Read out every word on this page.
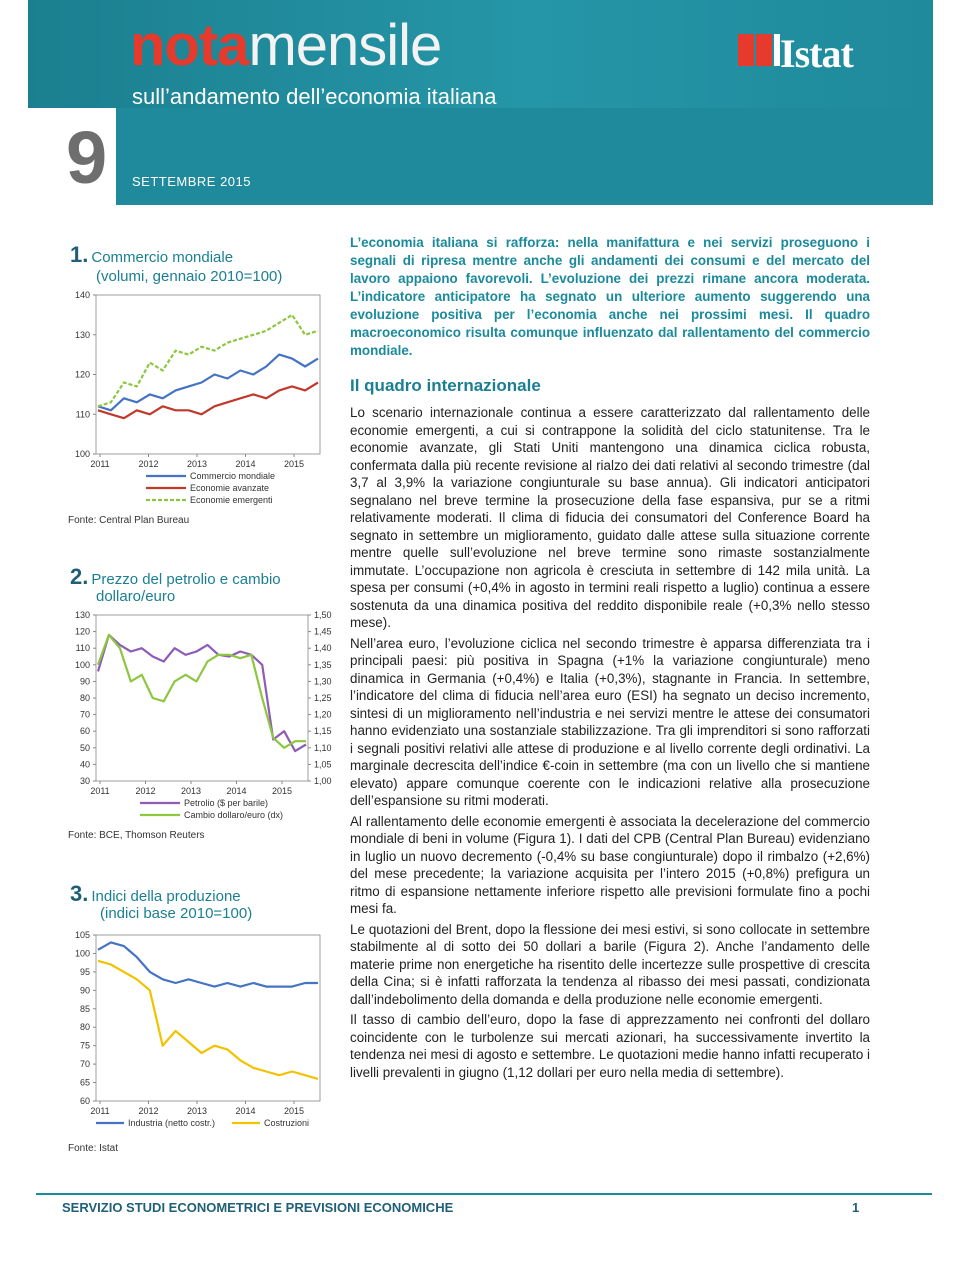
notamensile
sull’andamento dell’economia italiana
9 SETTEMBRE 2015
Istat
1. Commercio mondiale
(volumi, gennaio 2010=100)
140
130
120
110
100
2011	2012	2013	2014	2015
Commercio mondiale
Economie avanzate
Economie emergenti
Fonte: Central Plan Bureau
2. Prezzo del petrolio e cambio
dollaro/euro
130
120
110
100
90
80
70
60
50
40
30
1,50
1,45
1,40
1,35
1,30
1,25
1,20
1,15
1,10
1,05
1,00
2011	2012	2013	2014	2015
Petrolio ($ per barile)
Cambio dollaro/euro (dx)
Fonte: BCE, Thomson Reuters
3. Indici della produzione
(indici base 2010=100)
105
100
95
90
85
80
75
70
65
60
2011	2012	2013	2014	2015
Industria (netto costr.)	Costruzioni
Fonte: Istat
L’economia italiana si rafforza: nella manifattura e nei servizi proseguono i segnali di ripresa mentre anche gli andamenti dei consumi e del mercato del lavoro appaiono favorevoli. L’evoluzione dei prezzi rimane ancora moderata. L’indicatore anticipatore ha segnato un ulteriore aumento suggerendo una evoluzione positiva per l’economia anche nei prossimi mesi. Il quadro macroeconomico risulta comunque influenzato dal rallentamento del commercio mondiale.
Il quadro internazionale

Lo scenario internazionale continua a essere caratterizzato dal rallentamento delle economie emergenti, a cui si contrappone la solidità del ciclo statunitense. Tra le economie avanzate, gli Stati Uniti mantengono una dinamica ciclica robusta, confermata dalla più recente revisione al rialzo dei dati relativi al secondo trimestre (dal 3,7 al 3,9% la variazione congiunturale su base annua). Gli indicatori anticipatori segnalano nel breve termine la prosecuzione della fase espansiva, pur se a ritmi relativamente moderati. Il clima di fiducia dei consumatori del Conference Board ha segnato in settembre un miglioramento, guidato dalle attese sulla situazione corrente mentre quelle sull’evoluzione nel breve termine sono rimaste sostanzialmente immutate. L’occupazione non agricola è cresciuta in settembre di 142 mila unità. La spesa per consumi (+0,4% in agosto in termini reali rispetto a luglio) continua a essere sostenuta da una dinamica positiva del reddito disponibile reale (+0,3% nello stesso mese).

Nell’area euro, l’evoluzione ciclica nel secondo trimestre è apparsa differenziata tra i principali paesi: più positiva in Spagna (+1% la variazione congiunturale) meno dinamica in Germania (+0,4%) e Italia (+0,3%), stagnante in Francia. In settembre, l’indicatore del clima di fiducia nell’area euro (ESI) ha segnato un deciso incremento, sintesi di un miglioramento nell’industria e nei servizi mentre le attese dei consumatori hanno evidenziato una sostanziale stabilizzazione. Tra gli imprenditori si sono rafforzati i segnali positivi relativi alle attese di produzione e al livello corrente degli ordinativi. La marginale decrescita dell’indice €-coin in settembre (ma con un livello che si mantiene elevato) appare comunque coerente con le indicazioni relative alla prosecuzione dell’espansione su ritmi moderati.

Al rallentamento delle economie emergenti è associata la decelerazione del commercio mondiale di beni in volume (Figura 1). I dati del CPB (Central Plan Bureau) evidenziano in luglio un nuovo decremento (-0,4% su base congiunturale) dopo il rimbalzo (+2,6%) del mese precedente; la variazione acquisita per l’intero 2015 (+0,8%) prefigura un ritmo di espansione nettamente inferiore rispetto alle previsioni formulate fino a pochi mesi fa.

Le quotazioni del Brent, dopo la flessione dei mesi estivi, si sono collocate in settembre stabilmente al di sotto dei 50 dollari a barile (Figura 2). Anche l’andamento delle materie prime non energetiche ha risentito delle incertezze sulle prospettive di crescita della Cina; si è infatti rafforzata la tendenza al ribasso dei mesi passati, condizionata dall’indebolimento della domanda e della produzione nelle economie emergenti.

Il tasso di cambio dell’euro, dopo la fase di apprezzamento nei confronti del dollaro coincidente con le turbolenze sui mercati azionari, ha successivamente invertito la tendenza nei mesi di agosto e settembre. Le quotazioni medie hanno infatti recuperato i livelli prevalenti in giugno (1,12 dollari per euro nella media di settembre).

SERVIZIO STUDI ECONOMETRICI E PREVISIONI ECONOMICHE	1
